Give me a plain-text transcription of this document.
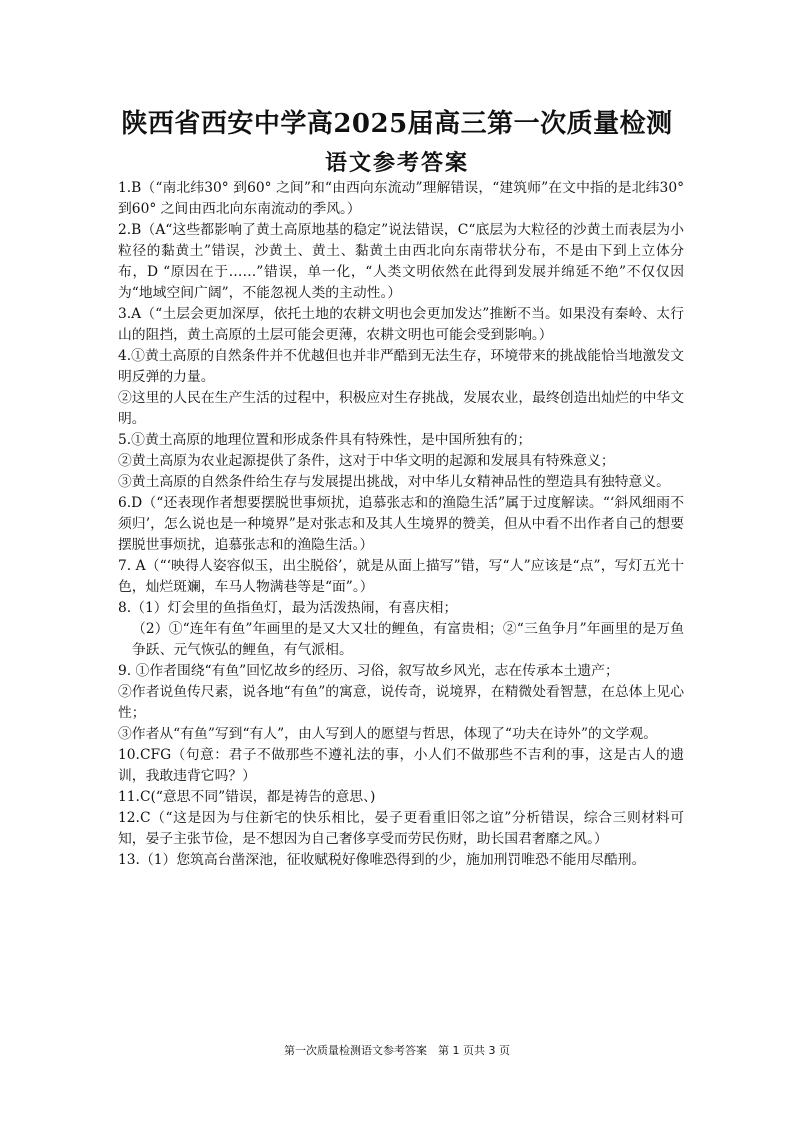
陕西省西安中学高2025届高三第一次质量检测
语文参考答案

1.B（“南北纬30° 到60° 之间”和“由西向东流动”理解错误，“建筑师”在文中指的是北纬30° 到60° 之间由西北向东南流动的季风。）

2.B（A“这些都影响了黄土高原地基的稳定”说法错误，C“底层为大粒径的沙黄土而表层为小粒径的黏黄土”错误，沙黄土、黄土、黏黄土由西北向东南带状分布，不是由下到上立体分布，D “原因在于……”错误，单一化，“人类文明依然在此得到发展并绵延不绝”不仅仅因为“地域空间广阔”，不能忽视人类的主动性。）

3.A（“土层会更加深厚，依托土地的农耕文明也会更加发达”推断不当。如果没有秦岭、太行山的阻挡，黄土高原的土层可能会更薄，农耕文明也可能会受到影响。）

4.①黄土高原的自然条件并不优越但也并非严酷到无法生存，环境带来的挑战能恰当地激发文明反弹的力量。

②这里的人民在生产生活的过程中，积极应对生存挑战，发展农业，最终创造出灿烂的中华文明。

5.①黄土高原的地理位置和形成条件具有特殊性，是中国所独有的；

②黄土高原为农业起源提供了条件，这对于中华文明的起源和发展具有特殊意义；

③黄土高原的自然条件给生存与发展提出挑战，对中华儿女精神品性的塑造具有独特意义。

6.D（“还表现作者想要摆脱世事烦扰，追慕张志和的渔隐生活”属于过度解读。“‘斜风细雨不须归’，怎么说也是一种境界”是对张志和及其人生境界的赞美，但从中看不出作者自己的想要摆脱世事烦扰，追慕张志和的渔隐生活。）

7. A（“‘映得人姿容似玉，出尘脱俗’，就是从面上描写”错，写“人”应该是“点”，写灯五光十色，灿烂斑斓，车马人物满巷等是“面”。）

8.（1）灯会里的鱼指鱼灯，最为活泼热闹，有喜庆相；

（2）①“连年有鱼”年画里的是又大又壮的鲤鱼，有富贵相；②“三鱼争月”年画里的是万鱼争跃、元气恢弘的鲤鱼，有气派相。

9. ①作者围绕“有鱼”回忆故乡的经历、习俗，叙写故乡风光，志在传承本土遗产；

②作者说鱼传尺素，说各地“有鱼”的寓意，说传奇，说境界，在精微处看智慧，在总体上见心性；

③作者从“有鱼”写到“有人”，由人写到人的愿望与哲思，体现了“功夫在诗外”的文学观。

10.CFG（句意：君子不做那些不遵礼法的事，小人们不做那些不吉利的事，这是古人的遗训，我敢违背它吗？）

11.C(“意思不同”错误，都是祷告的意思、)

12.C（“这是因为与住新宅的快乐相比，晏子更看重旧邻之谊”分析错误，综合三则材料可知，晏子主张节俭，是不想因为自己奢侈享受而劳民伤财，助长国君奢靡之风。）

13.（1）您筑高台凿深池，征收赋税好像唯恐得到的少，施加刑罚唯恐不能用尽酷刑。

第一次质量检测语文参考答案　第 1 页共 3 页
